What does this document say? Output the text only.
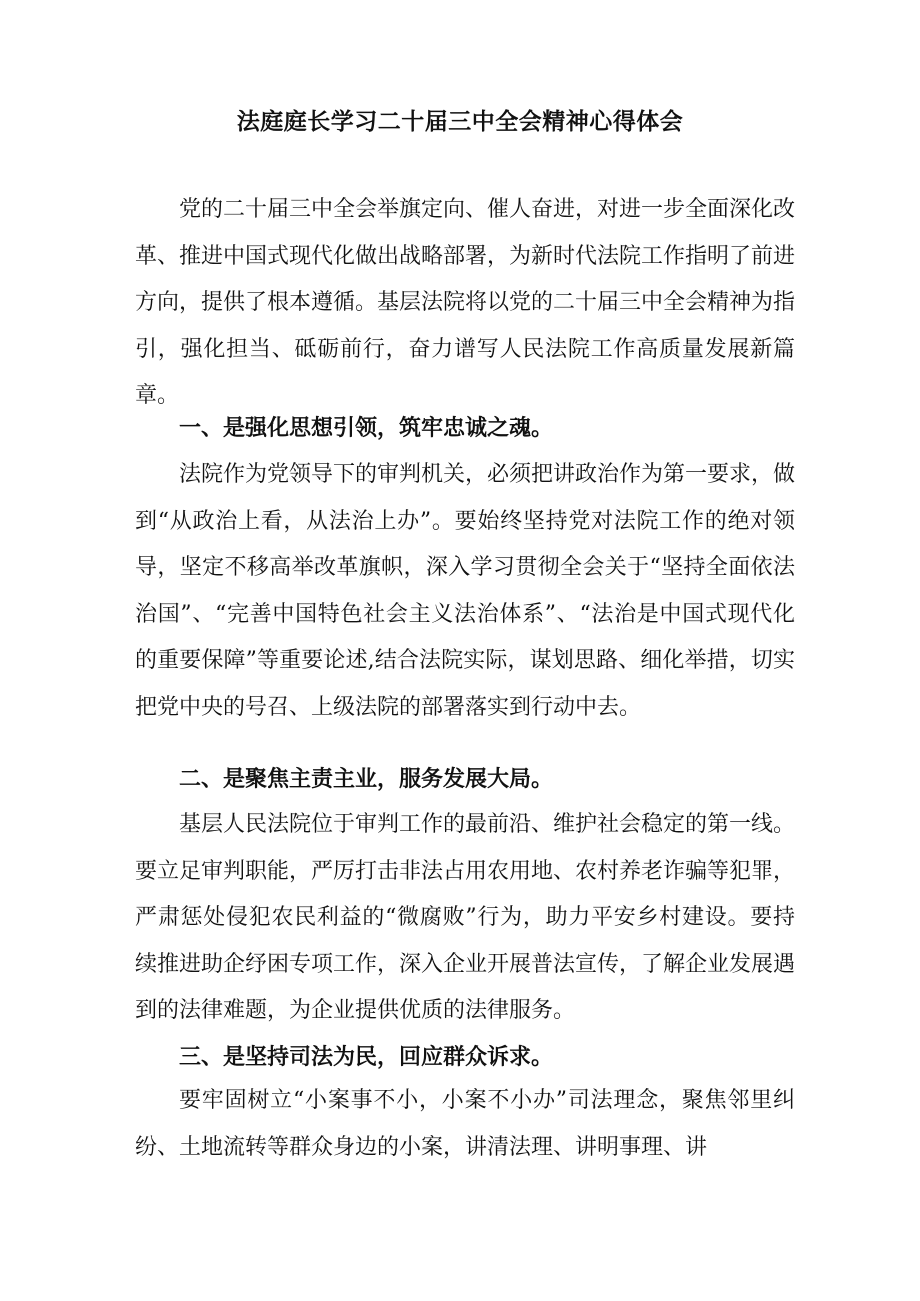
法庭庭长学习二十届三中全会精神心得体会

党的二十届三中全会举旗定向、催人奋进，对进一步全面深化改革、推进中国式现代化做出战略部署，为新时代法院工作指明了前进方向，提供了根本遵循。基层法院将以党的二十届三中全会精神为指引，强化担当、砥砺前行，奋力谱写人民法院工作高质量发展新篇章。

一、是强化思想引领，筑牢忠诚之魂。

法院作为党领导下的审判机关，必须把讲政治作为第一要求，做到“从政治上看，从法治上办”。要始终坚持党对法院工作的绝对领导，坚定不移高举改革旗帜，深入学习贯彻全会关于“坚持全面依法治国”、“完善中国特色社会主义法治体系”、“法治是中国式现代化的重要保障”等重要论述,结合法院实际，谋划思路、细化举措，切实把党中央的号召、上级法院的部署落实到行动中去。

二、是聚焦主责主业，服务发展大局。

基层人民法院位于审判工作的最前沿、维护社会稳定的第一线。要立足审判职能，严厉打击非法占用农用地、农村养老诈骗等犯罪，严肃惩处侵犯农民利益的“微腐败”行为，助力平安乡村建设。要持续推进助企纾困专项工作，深入企业开展普法宣传，了解企业发展遇到的法律难题，为企业提供优质的法律服务。

三、是坚持司法为民，回应群众诉求。

要牢固树立“小案事不小，小案不小办”司法理念，聚焦邻里纠纷、土地流转等群众身边的小案，讲清法理、讲明事理、讲
